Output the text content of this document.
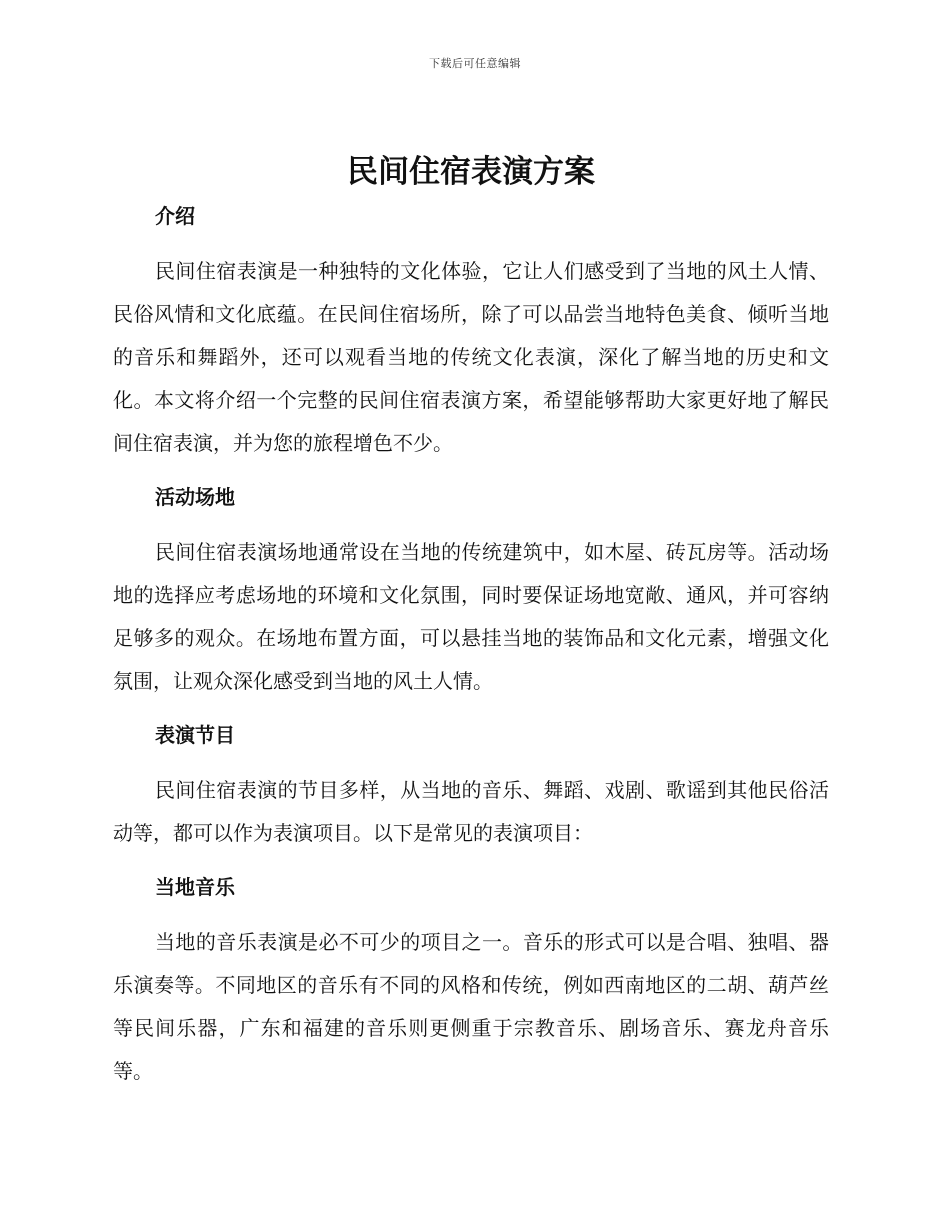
下载后可任意编辑
民间住宿表演方案
介绍

民间住宿表演是一种独特的文化体验，它让人们感受到了当地的风土人情、民俗风情和文化底蕴。在民间住宿场所，除了可以品尝当地特色美食、倾听当地的音乐和舞蹈外，还可以观看当地的传统文化表演，深化了解当地的历史和文化。本文将介绍一个完整的民间住宿表演方案，希望能够帮助大家更好地了解民间住宿表演，并为您的旅程增色不少。

活动场地

民间住宿表演场地通常设在当地的传统建筑中，如木屋、砖瓦房等。活动场地的选择应考虑场地的环境和文化氛围，同时要保证场地宽敞、通风，并可容纳足够多的观众。在场地布置方面，可以悬挂当地的装饰品和文化元素，增强文化氛围，让观众深化感受到当地的风土人情。

表演节目

民间住宿表演的节目多样，从当地的音乐、舞蹈、戏剧、歌谣到其他民俗活动等，都可以作为表演项目。以下是常见的表演项目：

当地音乐

当地的音乐表演是必不可少的项目之一。音乐的形式可以是合唱、独唱、器乐演奏等。不同地区的音乐有不同的风格和传统，例如西南地区的二胡、葫芦丝等民间乐器，广东和福建的音乐则更侧重于宗教音乐、剧场音乐、赛龙舟音乐等。
